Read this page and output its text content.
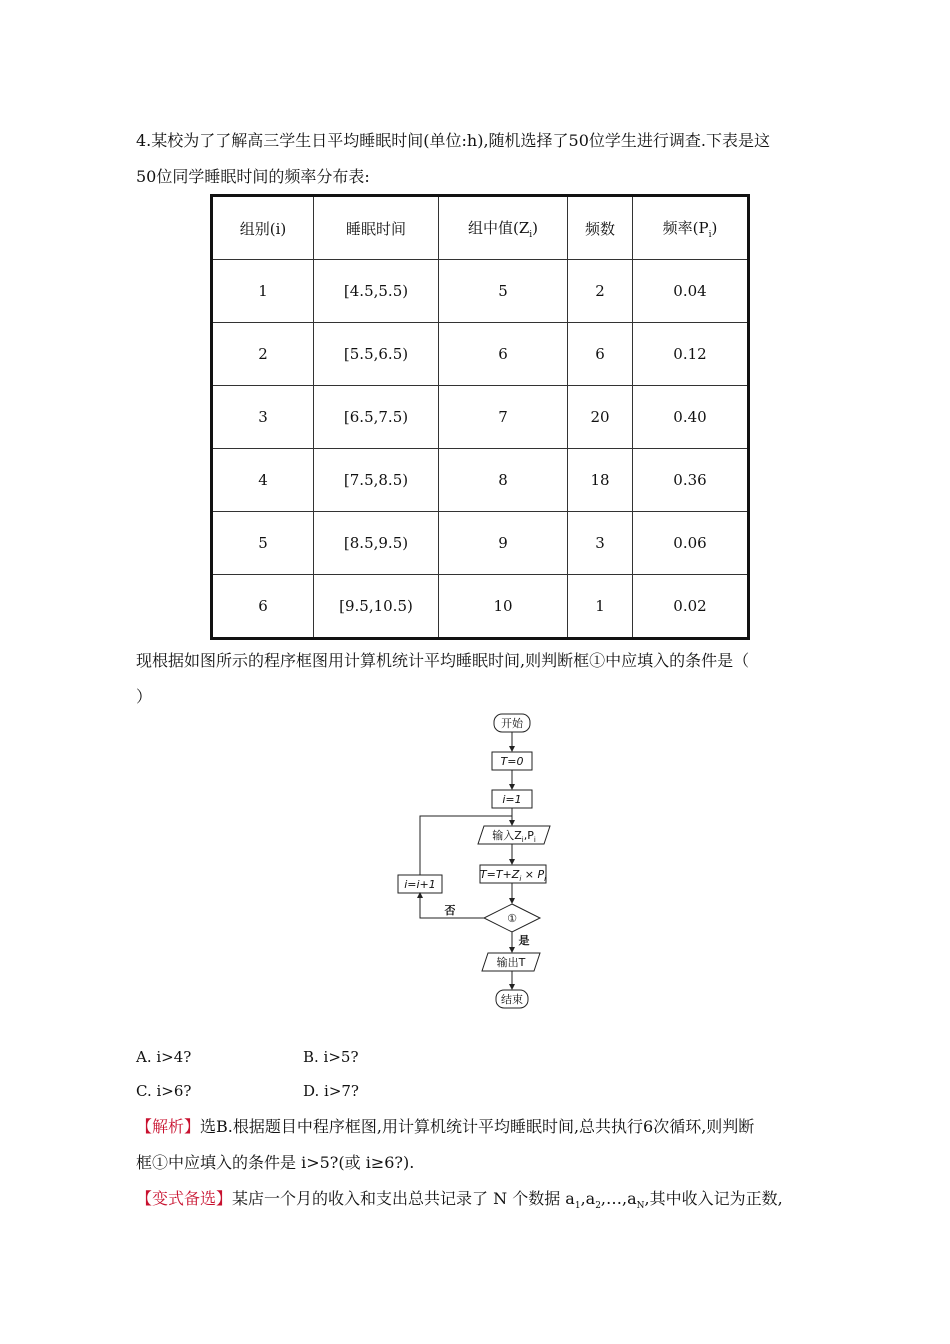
4.某校为了了解高三学生日平均睡眠时间(单位:h),随机选择了50位学生进行调查.下表是这
50位同学睡眠时间的频率分布表:
组别(i)	睡眠时间	组中值$(Z_i)$	频数	频率$(P_i)$
1	[4.5,5.5)	5	2	0.04
2	[5.5,6.5)	6	6	0.12
3	[6.5,7.5)	7	20	0.40
4	[7.5,8.5)	8	18	0.36
5	[8.5,9.5)	9	3	0.06
6	[9.5,10.5)	10	1	0.02
现根据如图所示的程序框图用计算机统计平均睡眠时间,则判断框①中应填入的条件是（
）
开始
T=0
i=1
输入$Z_i,P_i$
$T=T+Z_i \times P_i$
①
否
是
i=i+1
输出T
结束
A. i>4?	B. i>5?
C. i>6?	D. i>7?
【解析】选B.根据题目中程序框图,用计算机统计平均睡眠时间,总共执行6次循环,则判断
框①中应填入的条件是 i>5?(或 i≥6?).
【变式备选】某店一个月的收入和支出总共记录了 N 个数据 $a_1,a_2,\dots,a_N$,其中收入记为正数,
